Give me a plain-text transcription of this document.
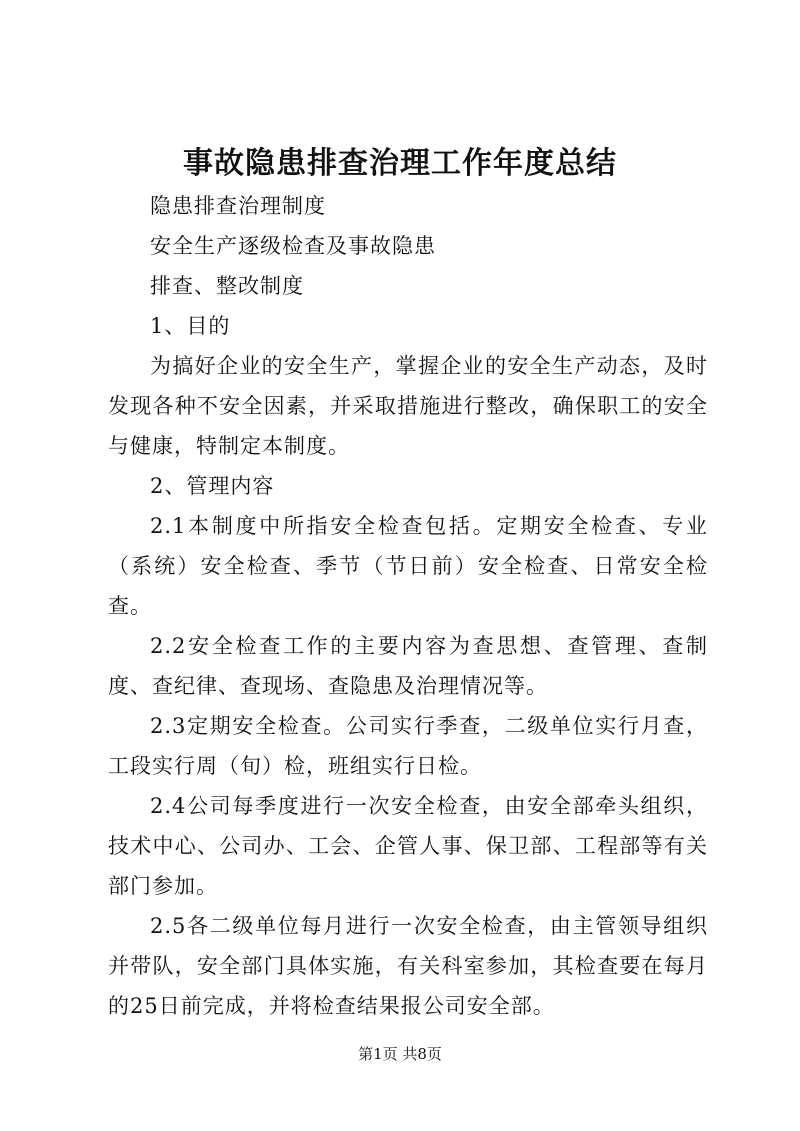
事故隐患排查治理工作年度总结

隐患排查治理制度

安全生产逐级检查及事故隐患

排查、整改制度

1、目的

为搞好企业的安全生产，掌握企业的安全生产动态，及时发现各种不安全因素，并采取措施进行整改，确保职工的安全与健康，特制定本制度。

2、管理内容

2.1本制度中所指安全检查包括。定期安全检查、专业（系统）安全检查、季节（节日前）安全检查、日常安全检查。

2.2安全检查工作的主要内容为查思想、查管理、查制度、查纪律、查现场、查隐患及治理情况等。

2.3定期安全检查。公司实行季查，二级单位实行月查，工段实行周（旬）检，班组实行日检。

2.4公司每季度进行一次安全检查，由安全部牵头组织，技术中心、公司办、工会、企管人事、保卫部、工程部等有关部门参加。

2.5各二级单位每月进行一次安全检查，由主管领导组织并带队，安全部门具体实施，有关科室参加，其检查要在每月的25日前完成，并将检查结果报公司安全部。

第1页 共8页
